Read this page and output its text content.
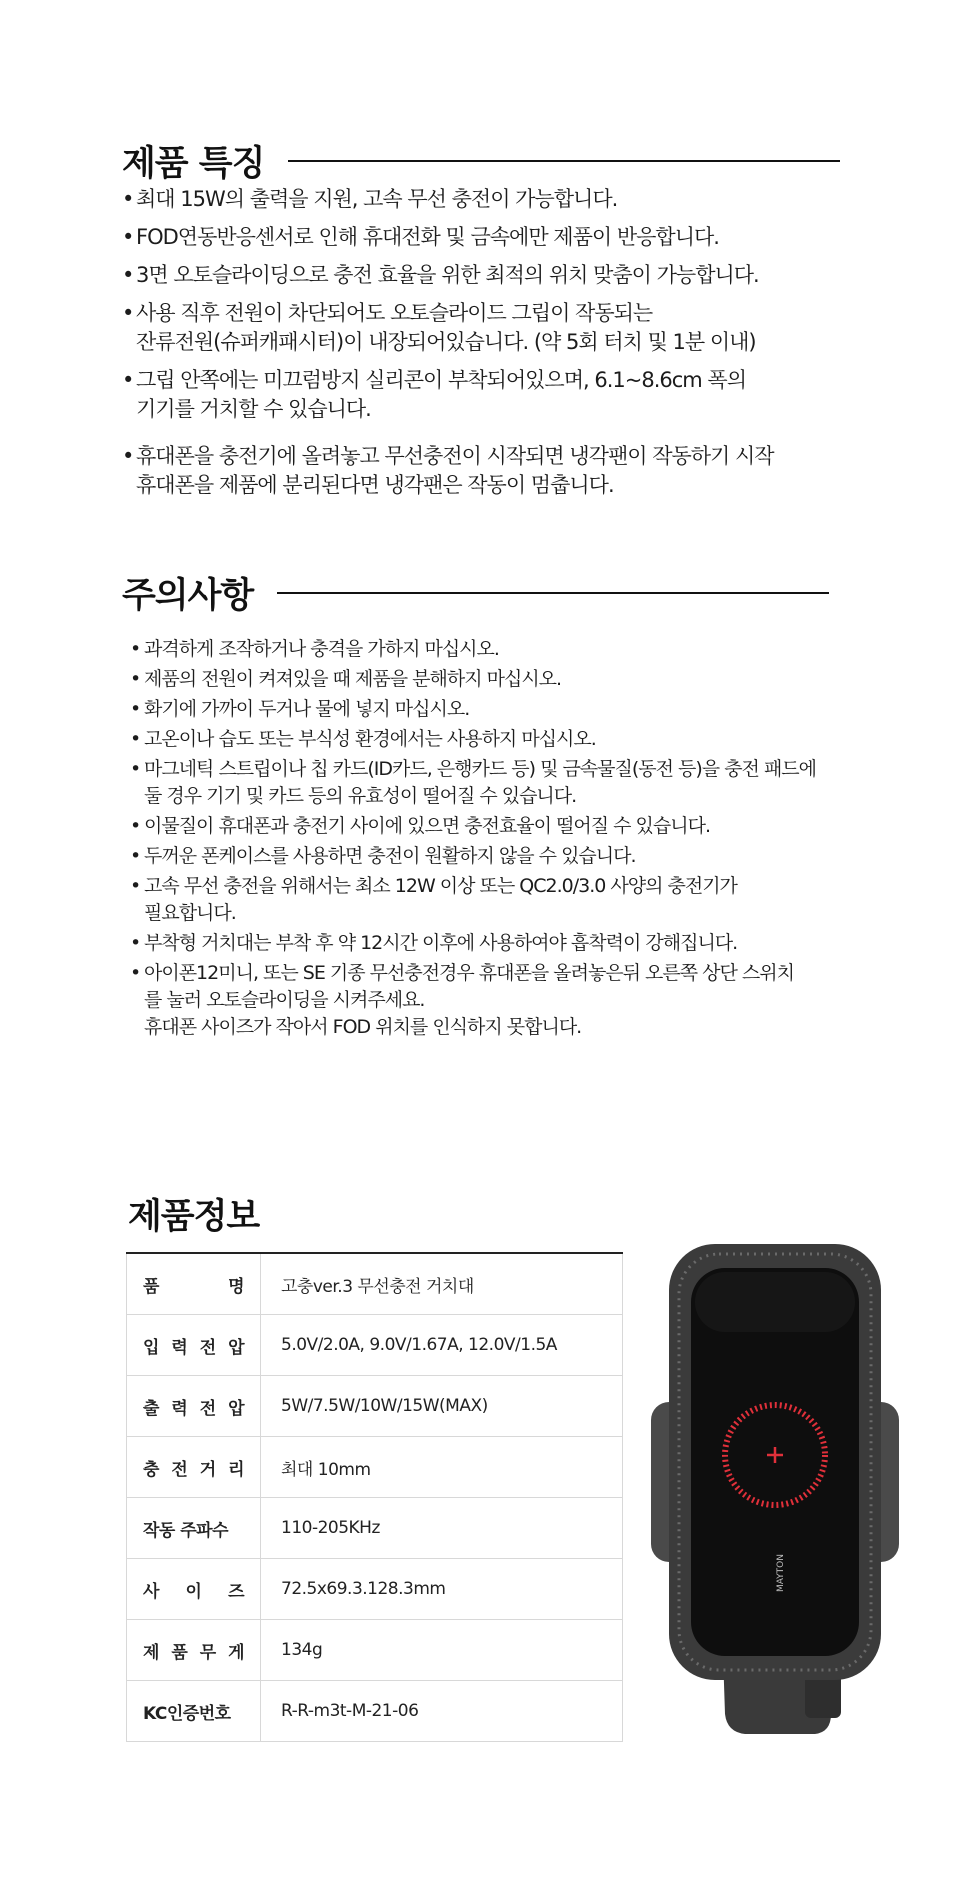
제품 특징
• 최대 15W의 출력을 지원, 고속 무선 충전이 가능합니다.
• FOD연동반응센서로 인해 휴대전화 및 금속에만 제품이 반응합니다.
• 3면 오토슬라이딩으로 충전 효율을 위한 최적의 위치 맞춤이 가능합니다.
• 사용 직후 전원이 차단되어도 오토슬라이드 그립이 작동되는
잔류전원(슈퍼캐패시터)이 내장되어있습니다. (약 5회 터치 및 1분 이내)
• 그립 안쪽에는 미끄럼방지 실리콘이 부착되어있으며, 6.1~8.6cm 폭의
기기를 거치할 수 있습니다.
• 휴대폰을 충전기에 올려놓고 무선충전이 시작되면 냉각팬이 작동하기 시작
휴대폰을 제품에 분리된다면 냉각팬은 작동이 멈춥니다.
주의사항
• 과격하게 조작하거나 충격을 가하지 마십시오.
• 제품의 전원이 켜져있을 때 제품을 분해하지 마십시오.
• 화기에 가까이 두거나 물에 넣지 마십시오.
• 고온이나 습도 또는 부식성 환경에서는 사용하지 마십시오.
• 마그네틱 스트립이나 칩 카드(ID카드, 은행카드 등) 및 금속물질(동전 등)을 충전 패드에
둘 경우 기기 및 카드 등의 유효성이 떨어질 수 있습니다.
• 이물질이 휴대폰과 충전기 사이에 있으면 충전효율이 떨어질 수 있습니다.
• 두꺼운 폰케이스를 사용하면 충전이 원활하지 않을 수 있습니다.
• 고속 무선 충전을 위해서는 최소 12W 이상 또는 QC2.0/3.0 사양의 충전기가
필요합니다.
• 부착형 거치대는 부착 후 약 12시간 이후에 사용하여야 흡착력이 강해집니다.
• 아이폰12미니, 또는 SE 기종 무선충전경우 휴대폰을 올려놓은뒤 오른쪽 상단 스위치
를 눌러 오토슬라이딩을 시켜주세요.
휴대폰 사이즈가 작아서 FOD 위치를 인식하지 못합니다.
제품정보
품 명	고충ver.3 무선충전 거치대
입 력 전 압	5.0V/2.0A, 9.0V/1.67A, 12.0V/1.5A
출 력 전 압	5W/7.5W/10W/15W(MAX)
충 전 거 리	최대 10mm
작동 주파수	110-205KHz
사 이 즈	72.5x69.3.128.3mm
제 품 무 게	134g
KC인증번호	R-R-m3t-M-21-06
MAYTON
